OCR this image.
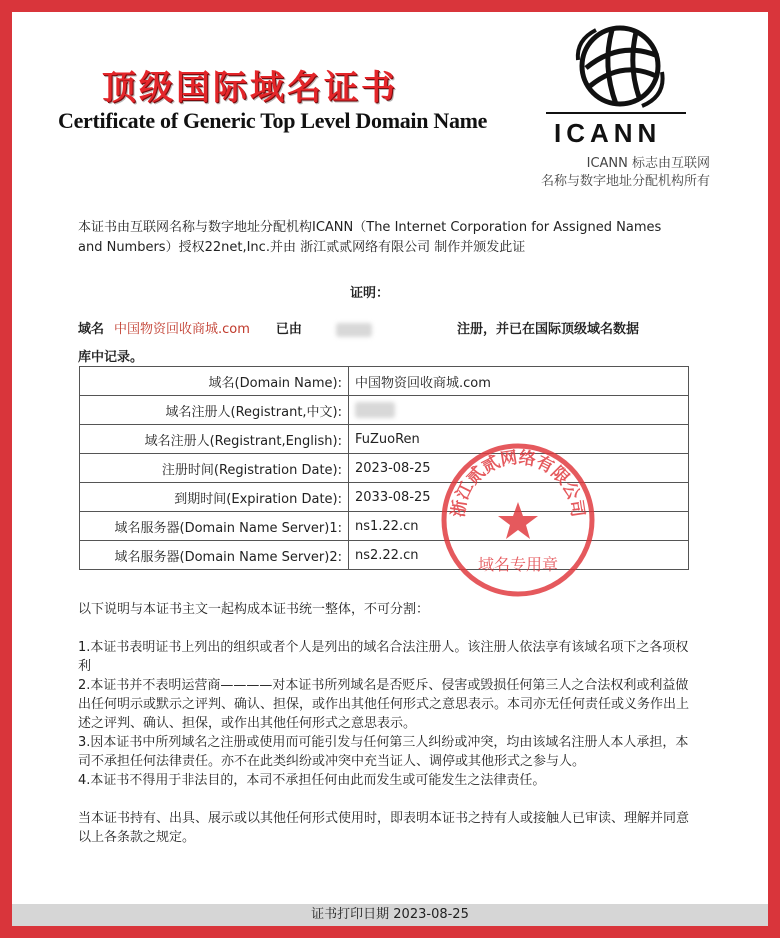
顶级国际域名证书
Certificate of Generic Top Level Domain Name	ICANN
ICANN 标志由互联网
名称与数字地址分配机构所有
本证书由互联网名称与数字地址分配机构ICANN（The Internet Corporation for Assigned Names and Numbers）授权22net,Inc.并由 浙江贰贰网络有限公司 制作并颁发此证
证明：
域名 中国物资回收商城.com 已由	注册，并已在国际顶级域名数据
库中记录。
域名(Domain Name):	中国物资回收商城.com
域名注册人(Registrant,中文):	
域名注册人(Registrant,English):	FuZuoRen
注册时间(Registration Date):	2023-08-25
到期时间(Expiration Date):	2033-08-25
域名服务器(Domain Name Server)1:	ns1.22.cn
域名服务器(Domain Name Server)2:	ns2.22.cn
浙江贰贰网络有限公司
域名专用章

以下说明与本证书主文一起构成本证书统一整体，不可分割：

1.本证书表明证书上列出的组织或者个人是列出的域名合法注册人。该注册人依法享有该域名项下之各项权利

2.本证书并不表明运营商————对本证书所列域名是否贬斥、侵害或毁损任何第三人之合法权利或利益做出任何明示或默示之评判、确认、担保，或作出其他任何形式之意思表示。本司亦无任何责任或义务作出上述之评判、确认、担保，或作出其他任何形式之意思表示。

3.因本证书中所列域名之注册或使用而可能引发与任何第三人纠纷或冲突，均由该域名注册人本人承担，本司不承担任何法律责任。亦不在此类纠纷或冲突中充当证人、调停或其他形式之参与人。

4.本证书不得用于非法目的，本司不承担任何由此而发生或可能发生之法律责任。

当本证书持有、出具、展示或以其他任何形式使用时，即表明本证书之持有人或接触人已审读、理解并同意以上各条款之规定。

证书打印日期 2023-08-25
